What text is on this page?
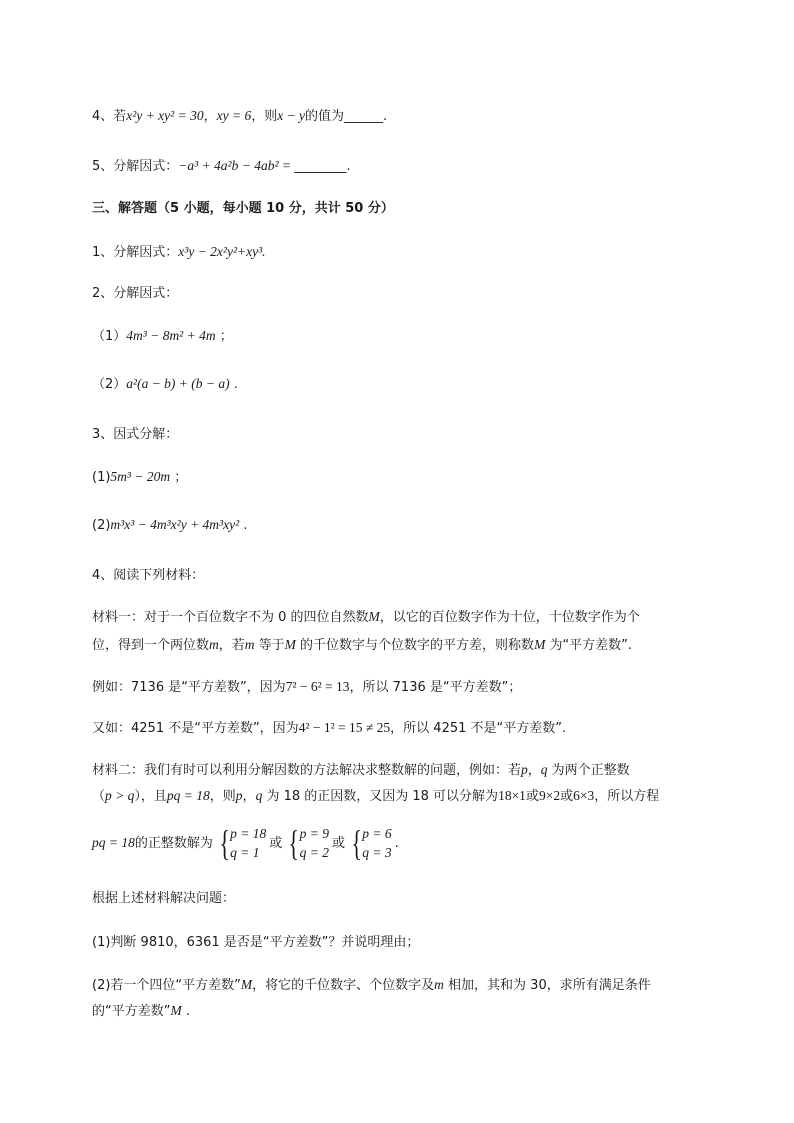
4、若x²y + xy² = 30，xy = 6，则x − y的值为______.
5、分解因式：−a³ + 4a²b − 4ab² = ________.
三、解答题（5 小题，每小题 10 分，共计 50 分）
1、分解因式：x³y − 2x²y²+xy³.
2、分解因式：
（1）4m³ − 8m² + 4m ；
（2）a²(a − b) + (b − a) .
3、因式分解：
(1)5m³ − 20m ；
(2)m³x³ − 4m³x²y + 4m³xy² .
4、阅读下列材料：
材料一：对于一个百位数字不为 0 的四位自然数M，以它的百位数字作为十位，十位数字作为个
位，得到一个两位数m，若m 等于M 的千位数字与个位数字的平方差，则称数M 为“平方差数”.
例如：7136 是“平方差数”，因为7² − 6² = 13，所以 7136 是“平方差数”；
又如：4251 不是“平方差数”，因为4² − 1² = 15 ≠ 25，所以 4251 不是“平方差数”.
材料二：我们有时可以利用分解因数的方法解决求整数解的问题，例如：若p，q 为两个正整数
（p > q），且pq = 18，则p，q 为 18 的正因数，又因为 18 可以分解为18×1或9×2或6×3，所以方程
pq = 18的正整数解为 {p = 18
q = 1或 {p = 9
q = 2或 {p = 6
q = 3.
根据上述材料解决问题：
(1)判断 9810，6361 是否是“平方差数”？并说明理由；
(2)若一个四位“平方差数”M，将它的千位数字、个位数字及m 相加，其和为 30，求所有满足条件
的“平方差数”M .
